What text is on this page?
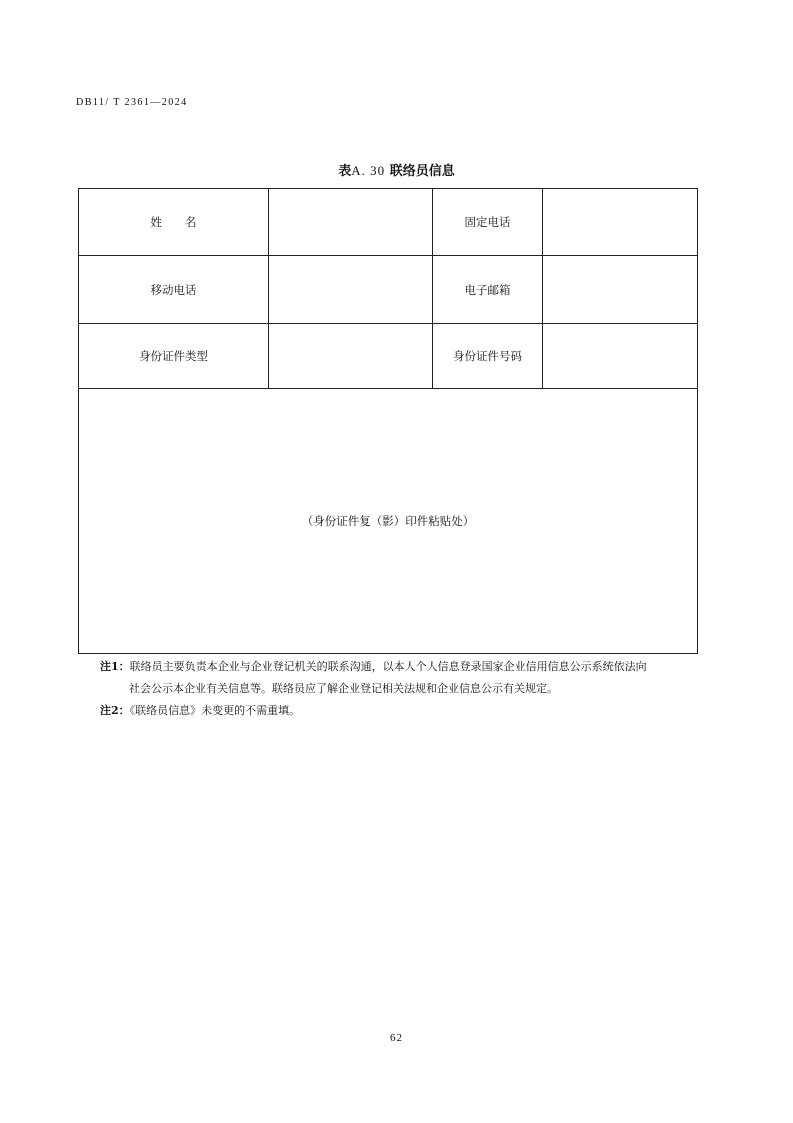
DB11/ T 2361—2024
表A. 30 联络员信息
姓　　名		固定电话	
移动电话		电子邮箱	
身份证件类型		身份证件号码	
（身份证件复（影）印件粘贴处）			
注1：联络员主要负责本企业与企业登记机关的联系沟通，以本人个人信息登录国家企业信用信息公示系统依法向
社会公示本企业有关信息等。联络员应了解企业登记相关法规和企业信息公示有关规定。
注2：《联络员信息》未变更的不需重填。
62
